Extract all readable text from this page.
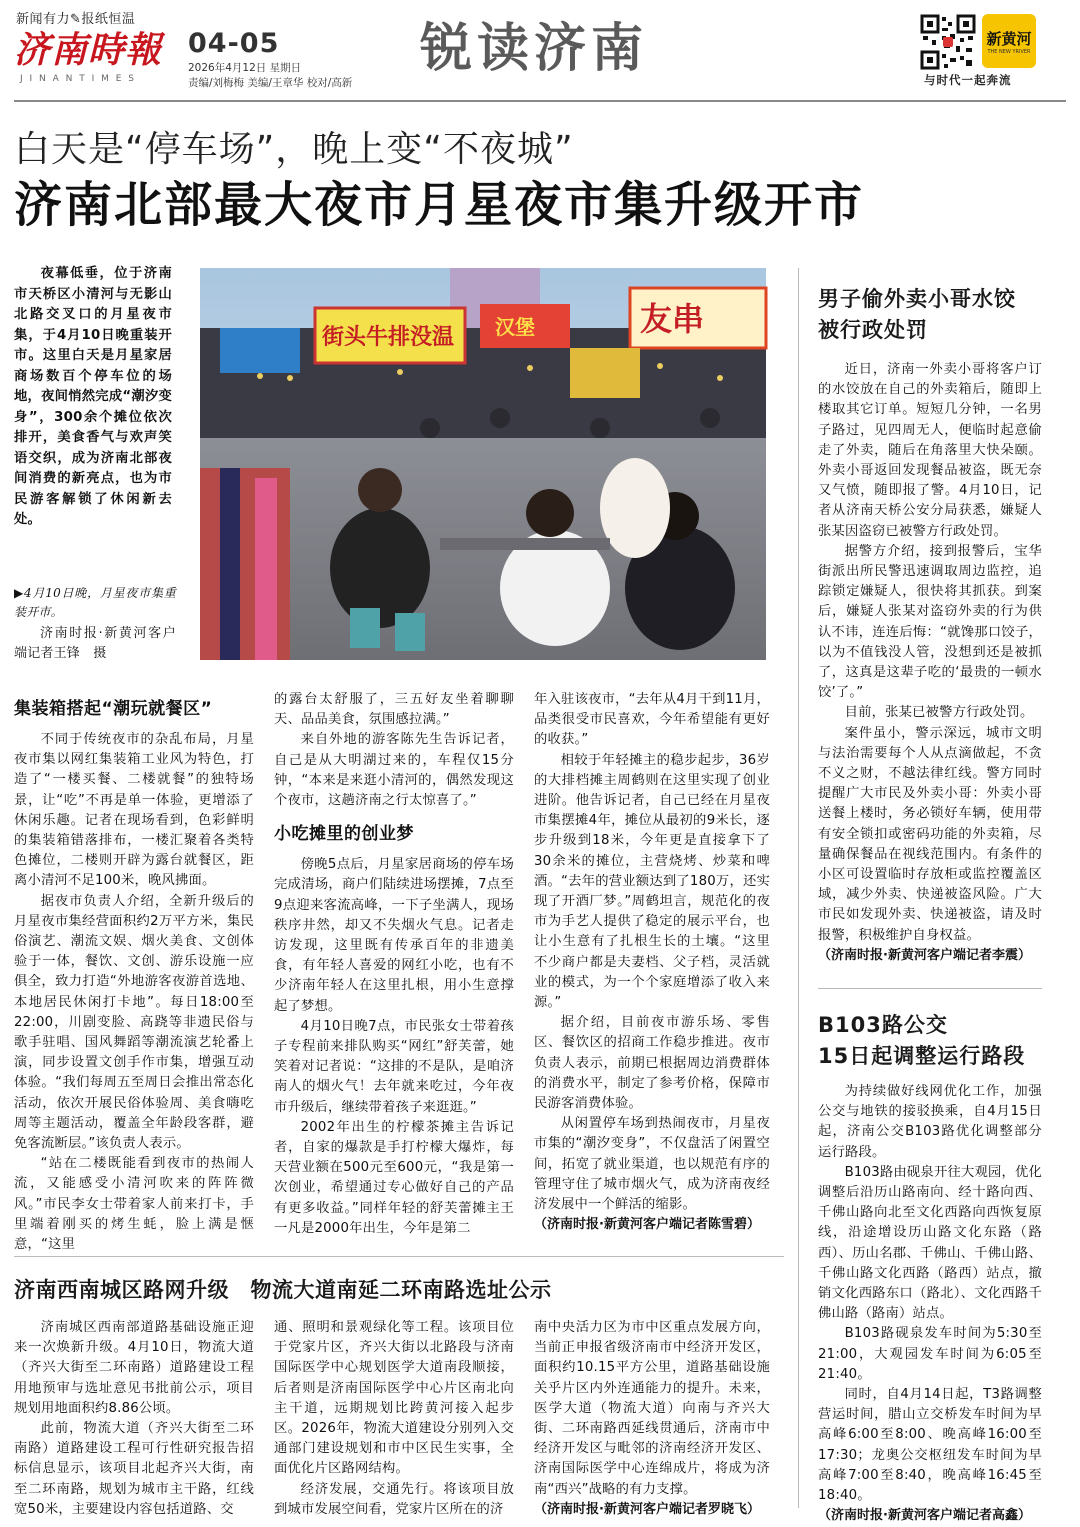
新闻有力✎报纸恒温
济南時報
J I N A N T I M E S
04-05
2026年4月12日 星期日
责编/刘梅梅 美编/王章华 校对/高新
锐读济南	新黄河
THE NEW YRIVER
与时代一起奔流
白天是“停车场”，晚上变“不夜城”
济南北部最大夜市月星夜市集升级开市

夜幕低垂，位于济南市天桥区小清河与无影山北路交叉口的月星夜市集，于4月10日晚重装开市。这里白天是月星家居商场数百个停车位的场地，夜间悄然完成“潮汐变身”，300余个摊位依次排开，美食香气与欢声笑语交织，成为济南北部夜间消费的新亮点，也为市民游客解锁了休闲新去处。

▶4月10日晚，月星夜市集重装开市。

济南时报·新黄河客户端记者王锋　摄

街头牛排没温	友串
汉堡
集装箱搭起“潮玩就餐区”

不同于传统夜市的杂乱布局，月星夜市集以网红集装箱工业风为特色，打造了“一楼买餐、二楼就餐”的独特场景，让“吃”不再是单一体验，更增添了休闲乐趣。记者在现场看到，色彩鲜明的集装箱错落排布，一楼汇聚着各类特色摊位，二楼则开辟为露台就餐区，距离小清河不足100米，晚风拂面。

据夜市负责人介绍，全新升级后的月星夜市集经营面积约2万平方米，集民俗演艺、潮流文娱、烟火美食、文创体验于一体，餐饮、文创、游乐设施一应俱全，致力打造“外地游客夜游首选地、本地居民休闲打卡地”。每日18:00至22:00，川剧变脸、高跷等非遗民俗与歌手驻唱、国风舞蹈等潮流演艺轮番上演，同步设置文创手作市集，增强互动体验。“我们每周五至周日会推出常态化活动，依次开展民俗体验周、美食嗨吃周等主题活动，覆盖全年龄段客群，避免客流断层。”该负责人表示。

“站在二楼既能看到夜市的热闹人流，又能感受小清河吹来的阵阵微风。”市民李女士带着家人前来打卡，手里端着刚买的烤生蚝，脸上满是惬意，“这里

的露台太舒服了，三五好友坐着聊聊天、品品美食，氛围感拉满。”

来自外地的游客陈先生告诉记者，自己是从大明湖过来的，车程仅15分钟，“本来是来逛小清河的，偶然发现这个夜市，这趟济南之行太惊喜了。”

小吃摊里的创业梦

傍晚5点后，月星家居商场的停车场完成清场，商户们陆续进场摆摊，7点至9点迎来客流高峰，一下子坐满人，现场秩序井然，却又不失烟火气息。记者走访发现，这里既有传承百年的非遗美食，有年轻人喜爱的网红小吃，也有不少济南年轻人在这里扎根，用小生意撑起了梦想。

4月10日晚7点，市民张女士带着孩子专程前来排队购买“网红”舒芙蕾，她笑着对记者说：“这排的不是队，是咱济南人的烟火气！去年就来吃过，今年夜市升级后，继续带着孩子来逛逛。”

2002年出生的柠檬茶摊主告诉记者，自家的爆款是手打柠檬大爆炸，每天营业额在500元至600元，“我是第一次创业，希望通过专心做好自己的产品有更多收益。”同样年轻的舒芙蕾摊主王一凡是2000年出生，今年是第二

年入驻该夜市，“去年从4月干到11月，品类很受市民喜欢，今年希望能有更好的收获。”

相较于年轻摊主的稳步起步，36岁的大排档摊主周鹤则在这里实现了创业进阶。他告诉记者，自己已经在月星夜市集摆摊4年，摊位从最初的9米长，逐步升级到18米，今年更是直接拿下了30余米的摊位，主营烧烤、炒菜和啤酒。“去年的营业额达到了180万，还实现了开酒厂梦。”周鹤坦言，规范化的夜市为手艺人提供了稳定的展示平台，也让小生意有了扎根生长的土壤。“这里不少商户都是夫妻档、父子档，灵活就业的模式，为一个个家庭增添了收入来源。”

据介绍，目前夜市游乐场、零售区、餐饮区的招商工作稳步推进。夜市负责人表示，前期已根据周边消费群体的消费水平，制定了参考价格，保障市民游客消费体验。

从闲置停车场到热闹夜市，月星夜市集的“潮汐变身”，不仅盘活了闲置空间，拓宽了就业渠道，也以规范有序的管理守住了城市烟火气，成为济南夜经济发展中一个鲜活的缩影。

（济南时报·新黄河客户端记者陈雪碧）

男子偷外卖小哥水饺
被行政处罚

近日，济南一外卖小哥将客户订的水饺放在自己的外卖箱后，随即上楼取其它订单。短短几分钟，一名男子路过，见四周无人，便临时起意偷走了外卖，随后在角落里大快朵颐。外卖小哥返回发现餐品被盗，既无奈又气愤，随即报了警。4月10日，记者从济南天桥公安分局获悉，嫌疑人张某因盗窃已被警方行政处罚。

据警方介绍，接到报警后，宝华街派出所民警迅速调取周边监控，追踪锁定嫌疑人，很快将其抓获。到案后，嫌疑人张某对盗窃外卖的行为供认不讳，连连后悔：“就馋那口饺子，以为不值钱没人管，没想到还是被抓了，这真是这辈子吃的‘最贵的一顿水饺’了。”

目前，张某已被警方行政处罚。

案件虽小，警示深远，城市文明与法治需要每个人从点滴做起，不贪不义之财，不越法律红线。警方同时提醒广大市民及外卖小哥：外卖小哥送餐上楼时，务必锁好车辆，使用带有安全锁扣或密码功能的外卖箱，尽量确保餐品在视线范围内。有条件的小区可设置临时存放柜或监控覆盖区域，减少外卖、快递被盗风险。广大市民如发现外卖、快递被盗，请及时报警，积极维护自身权益。

（济南时报·新黄河客户端记者李震）

B103路公交
15日起调整运行路段

为持续做好线网优化工作，加强公交与地铁的接驳换乘，自4月15日起，济南公交B103路优化调整部分运行路段。

B103路由砚泉开往大观园，优化调整后沿历山路南向、经十路向西、千佛山路向北至文化西路向西恢复原线，沿途增设历山路文化东路（路西）、历山名郡、千佛山、千佛山路、千佛山路文化西路（路西）站点，撤销文化西路东口（路北）、文化西路千佛山路（路南）站点。

B103路砚泉发车时间为5:30至21:00，大观园发车时间为6:05至21:40。

同时，自4月14日起，T3路调整营运时间，腊山立交桥发车时间为早高峰6:00至8:00、晚高峰16:00至17:30；龙奥公交枢纽发车时间为早高峰7:00至8:40，晚高峰16:45至18:40。

（济南时报·新黄河客户端记者高鑫）

济南西南城区路网升级　物流大道南延二环南路选址公示

济南城区西南部道路基础设施正迎来一次焕新升级。4月10日，物流大道（齐兴大街至二环南路）道路建设工程用地预审与选址意见书批前公示，项目规划用地面积约8.86公顷。

此前，物流大道（齐兴大街至二环南路）道路建设工程可行性研究报告招标信息显示，该项目北起齐兴大街，南至二环南路，规划为城市主干路，红线宽50米，主要建设内容包括道路、交

通、照明和景观绿化等工程。该项目位于党家片区，齐兴大街以北路段与济南国际医学中心规划医学大道南段顺接，后者则是济南国际医学中心片区南北向主干道，远期规划比跨黄河接入起步区。2026年，物流大道建设分别列入交通部门建设规划和市中区民生实事，全面优化片区路网结构。

经济发展，交通先行。将该项目放到城市发展空间看，党家片区所在的济

南中央活力区为市中区重点发展方向，当前正申报省级济南市中经济开发区，面积约10.15平方公里，道路基础设施关乎片区内外连通能力的提升。未来，医学大道（物流大道）向南与齐兴大街、二环南路西延线贯通后，济南市中经济开发区与毗邻的济南经济开发区、济南国际医学中心连绵成片，将成为济南“西兴”战略的有力支撑。

（济南时报·新黄河客户端记者罗晓飞）
